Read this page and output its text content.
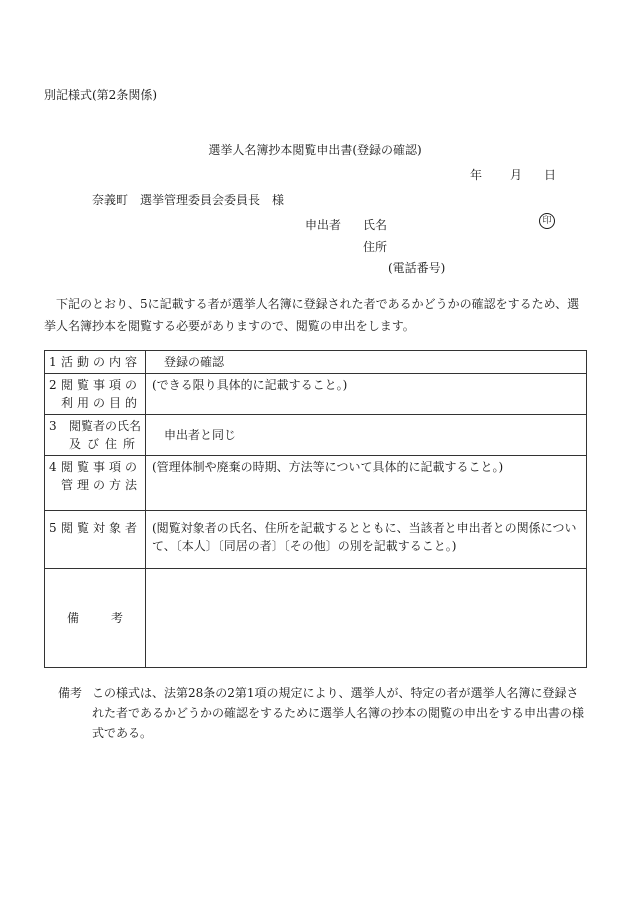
別記様式(第2条関係)
選挙人名簿抄本閲覧申出書(登録の確認)
年 月 日
奈義町　選挙管理委員会委員長　様
申出者 氏名	印
住所
(電話番号)
下記のとおり、5に記載する者が選挙人名簿に登録された者であるかどうかの確認をするため、選挙人名簿抄本を閲覧する必要がありますので、閲覧の申出をします。
1 活動の内容	登録の確認

2 閲覧事項の
利用の目的	(できる限り具体的に記載すること。)

3 閲覧者の氏名
及び住所	申出者と同じ

4 閲覧事項の
管理の方法	(管理体制や廃棄の時期、方法等について具体的に記載すること。)

5 閲覧対象者	(閲覧対象者の氏名、住所を記載するとともに、当該者と申出者との関係について、〔本人〕〔同居の者〕〔その他〕の別を記載すること。)

備 考	

備考 この様式は、法第28条の2第1項の規定により、選挙人が、特定の者が選挙人名簿に登録された者であるかどうかの確認をするために選挙人名簿の抄本の閲覧の申出をする申出書の様式である。
